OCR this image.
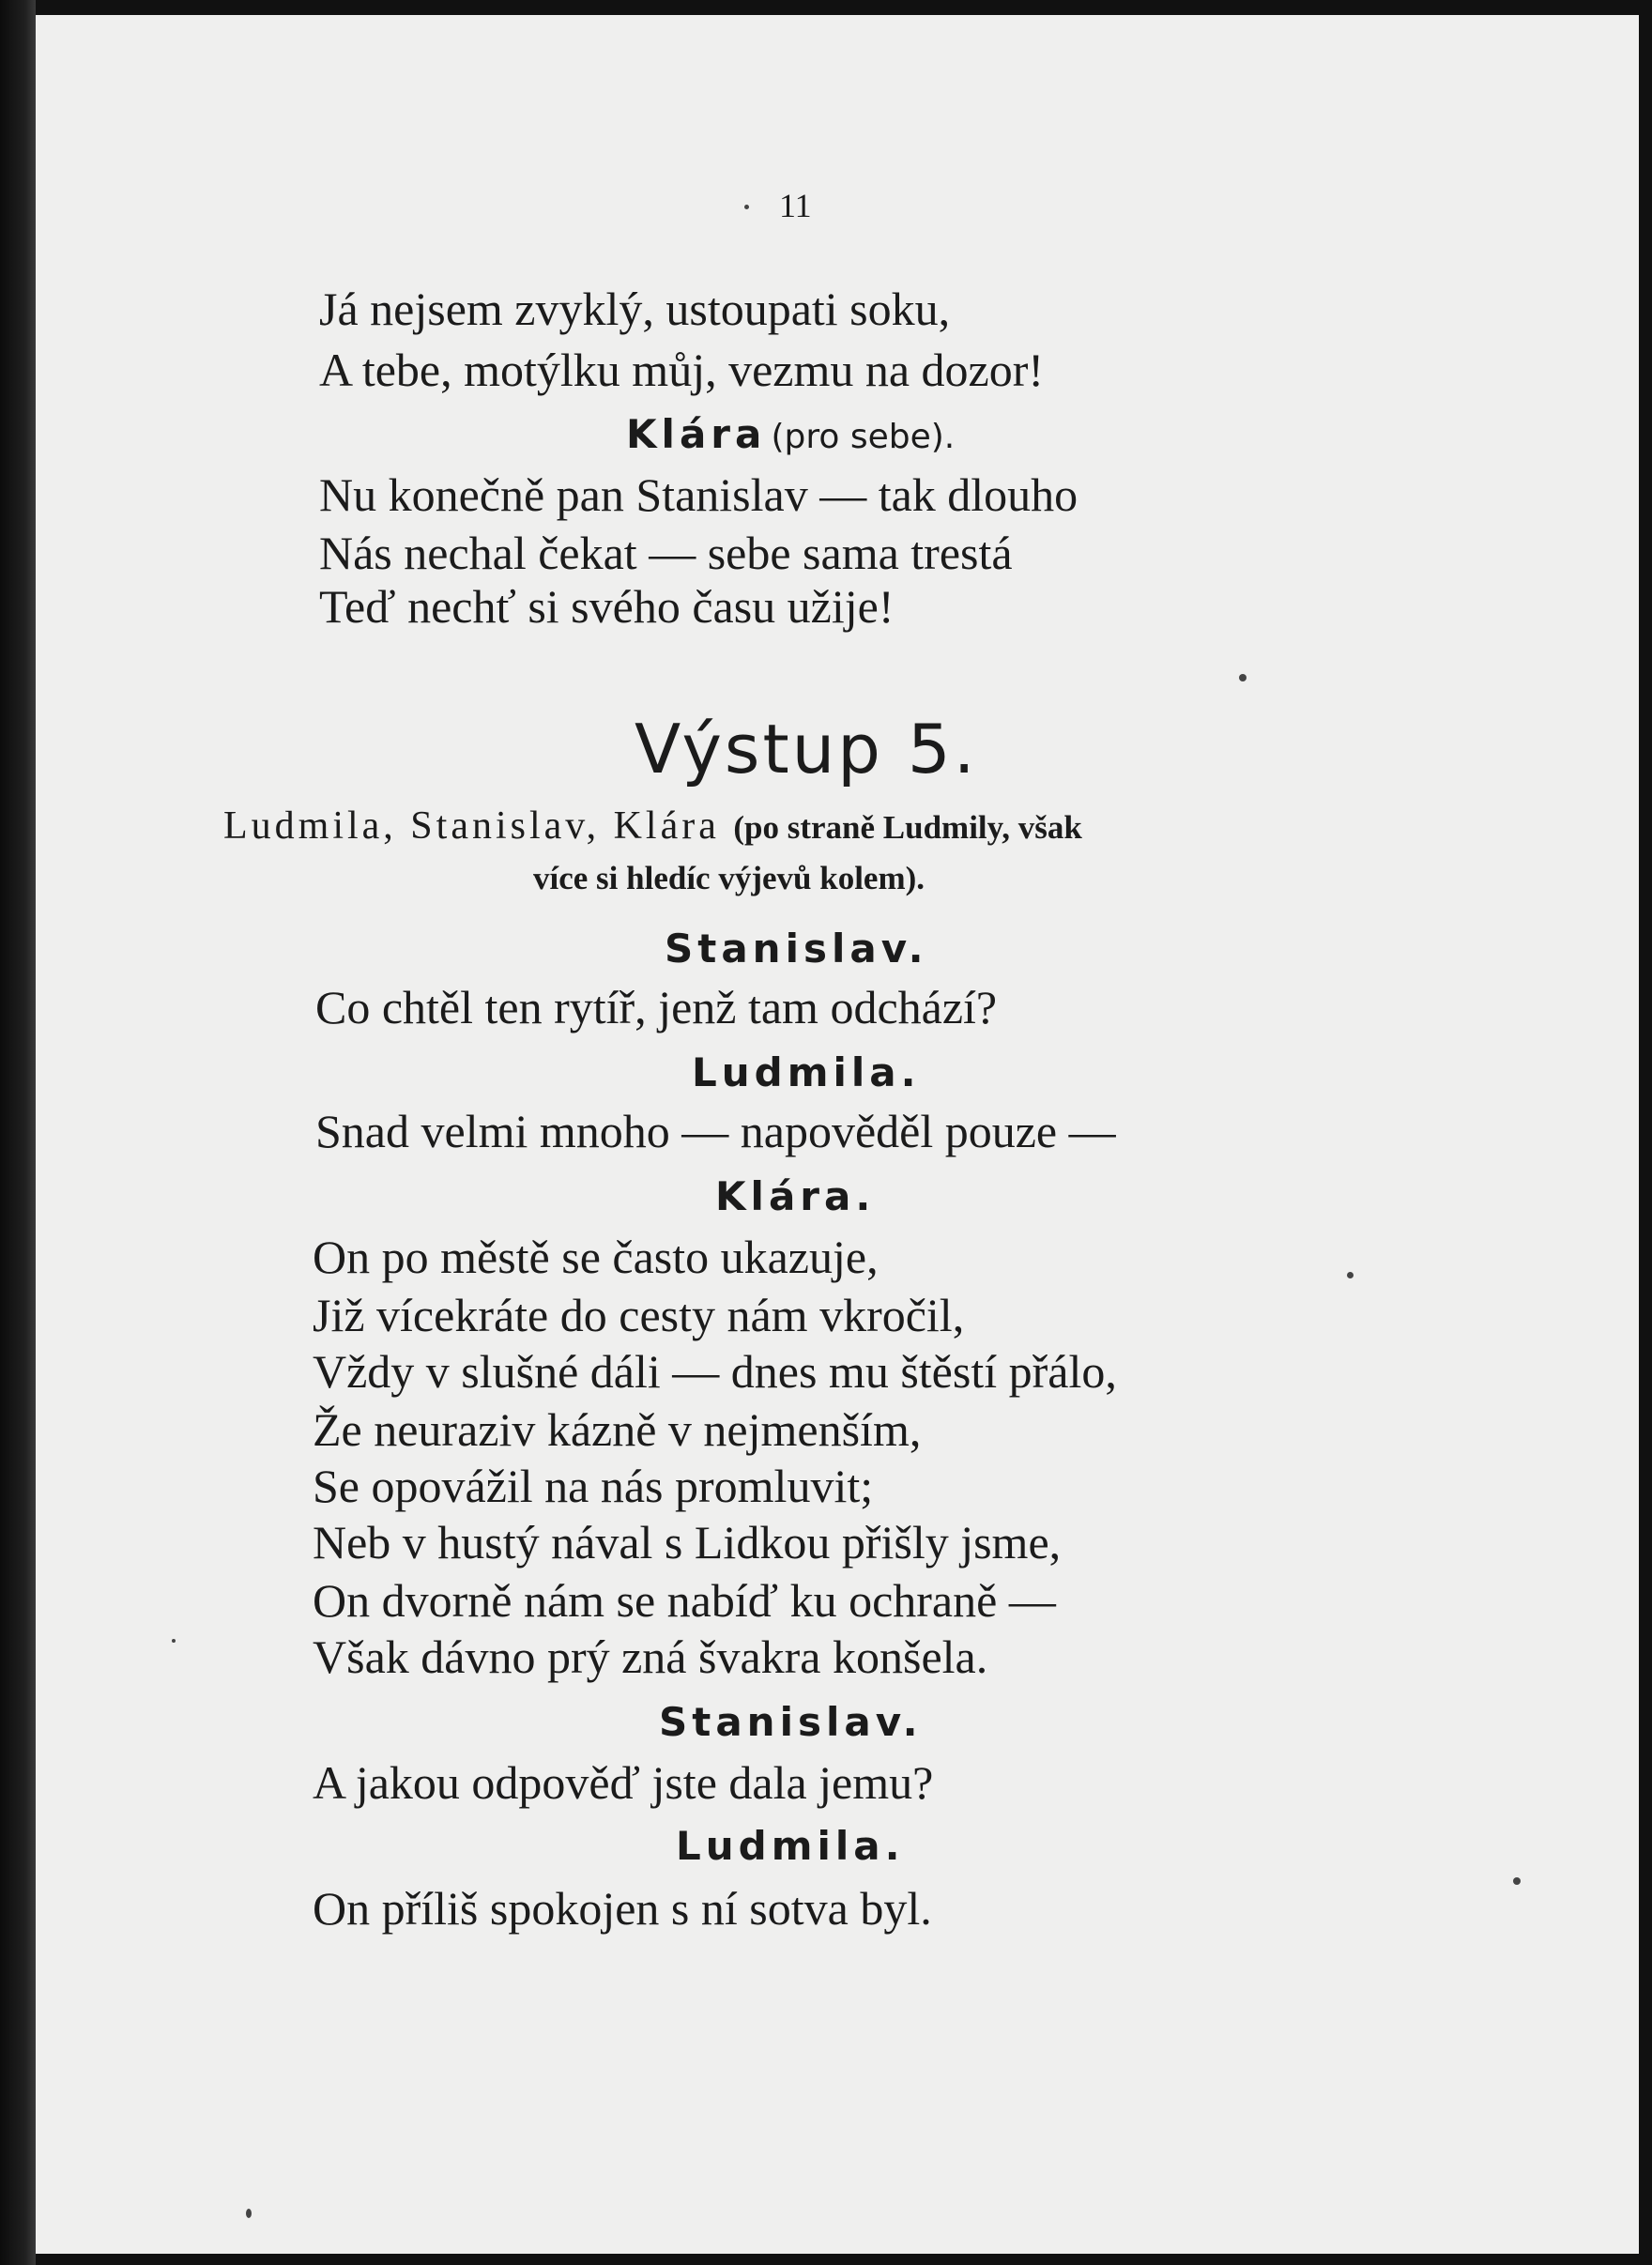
11
Já nejsem zvyklý, ustoupati soku,
A tebe, motýlku můj, vezmu na dozor!
Klára (pro sebe).
Nu konečně pan Stanislav — tak dlouho
Nás nechal čekat — sebe sama trestá
Teď nechť si svého času užije!
Výstup 5.
Ludmila, Stanislav, Klára (po straně Ludmily, však
více si hledíc výjevů kolem).
Stanislav.
Co chtěl ten rytíř, jenž tam odchází?
Ludmila.
Snad velmi mnoho — napověděl pouze —
Klára.
On po městě se často ukazuje,
Již vícekráte do cesty nám vkročil,
Vždy v slušné dáli — dnes mu štěstí přálo,
Že neuraziv kázně v nejmenším,
Se opovážil na nás promluvit;
Neb v hustý nával s Lidkou přišly jsme,
On dvorně nám se nabíď ku ochraně —
Však dávno prý zná švakra konšela.
Stanislav.
A jakou odpověď jste dala jemu?
Ludmila.
On příliš spokojen s ní sotva byl.
